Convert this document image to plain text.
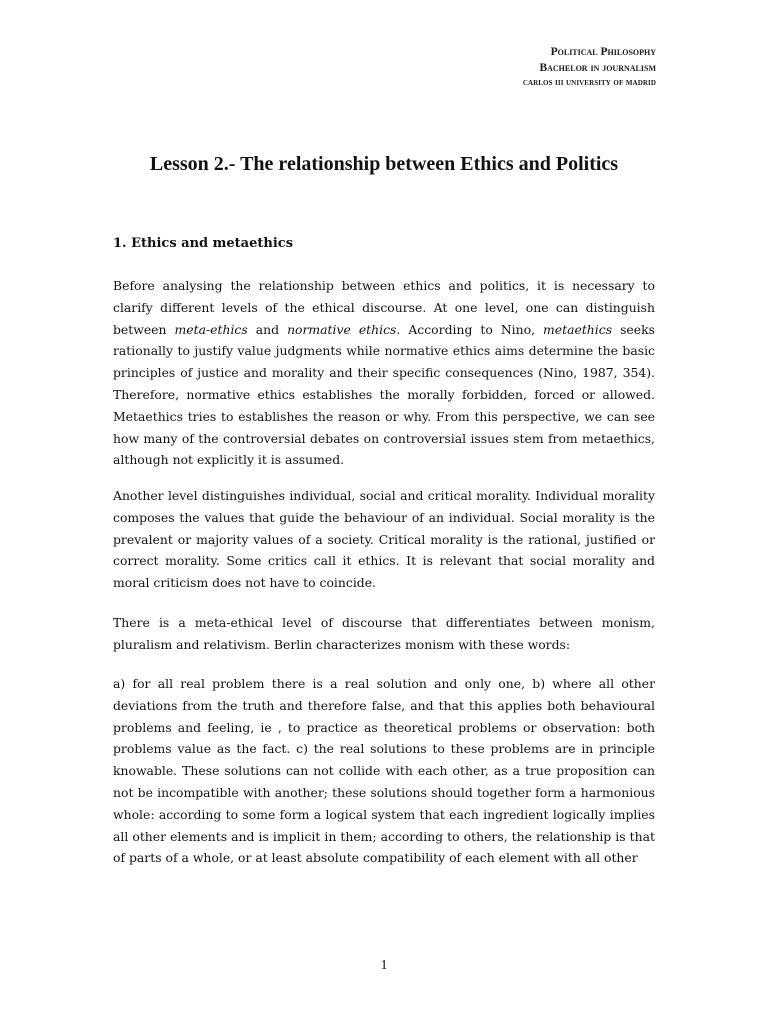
Political Philosophy
Bachelor in journalism
carlos iii university of madrid
Lesson 2.- The relationship between Ethics and Politics
1. Ethics and metaethics

Before analysing the relationship between ethics and politics, it is necessary to clarify different levels of the ethical discourse. At one level, one can distinguish between meta-ethics and normative ethics. According to Nino, metaethics seeks rationally to justify value judgments while normative ethics aims determine the basic principles of justice and morality and their specific consequences (Nino, 1987, 354). Therefore, normative ethics establishes the morally forbidden, forced or allowed. Metaethics tries to establishes the reason or why. From this perspective, we can see how many of the controversial debates on controversial issues stem from metaethics, although not explicitly it is assumed.

Another level distinguishes individual, social and critical morality. Individual morality composes the values that guide the behaviour of an individual. Social morality is the prevalent or majority values of a society. Critical morality is the rational, justified or correct morality. Some critics call it ethics. It is relevant that social morality and moral criticism does not have to coincide.

There is a meta-ethical level of discourse that differentiates between monism, pluralism and relativism. Berlin characterizes monism with these words:

a) for all real problem there is a real solution and only one, b) where all other deviations from the truth and therefore false, and that this applies both behavioural problems and feeling, ie , to practice as theoretical problems or observation: both problems value as the fact. c) the real solutions to these problems are in principle knowable. These solutions can not collide with each other, as a true proposition can not be incompatible with another; these solutions should together form a harmonious whole: according to some form a logical system that each ingredient logically implies all other elements and is implicit in them; according to others, the relationship is that of parts of a whole, or at least absolute compatibility of each element with all other

1
